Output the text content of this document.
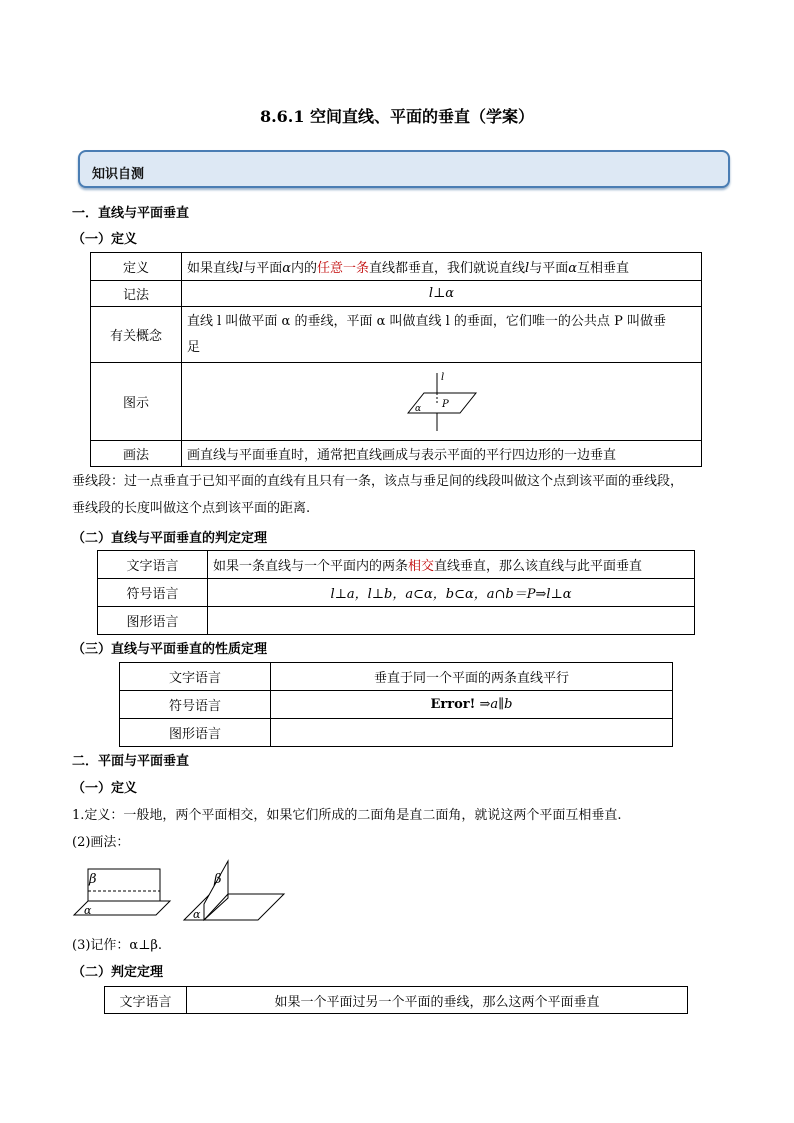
8.6.1 空间直线、平面的垂直（学案）
知识自测
一．直线与平面垂直
（一）定义
定义	如果直线l与平面α内的任意一条直线都垂直，我们就说直线l与平面α互相垂直
记法	l⊥α
有关概念	直线 l 叫做平面 α 的垂线，平面 α 叫做直线 l 的垂面，它们唯一的公共点 P 叫做垂
足

图示	l
P
α

画法	画直线与平面垂直时，通常把直线画成与表示平面的平行四边形的一边垂直
垂线段：过一点垂直于已知平面的直线有且只有一条，该点与垂足间的线段叫做这个点到该平面的垂线段，
垂线段的长度叫做这个点到该平面的距离.
（二）直线与平面垂直的判定定理
文字语言	如果一条直线与一个平面内的两条相交直线垂直，那么该直线与此平面垂直
符号语言	l⊥a，l⊥b，a⊂α，b⊂α，a∩b＝P⇒l⊥α
图形语言	
（三）直线与平面垂直的性质定理
文字语言	垂直于同一个平面的两条直线平行
符号语言	Error! ⇒a∥b
图形语言	
二．平面与平面垂直
（一）定义
1.定义：一般地，两个平面相交，如果它们所成的二面角是直二面角，就说这两个平面互相垂直.
(2)画法：
β
α
β
α
(3)记作：α⊥β.
（二）判定定理
文字语言	如果一个平面过另一个平面的垂线，那么这两个平面垂直
